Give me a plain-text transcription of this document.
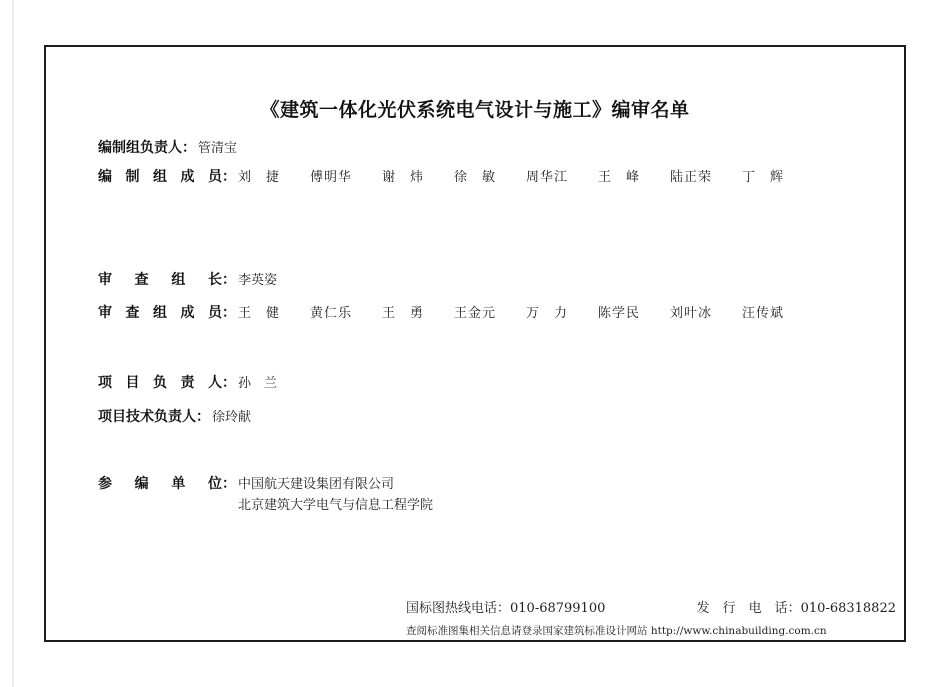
《建筑一体化光伏系统电气设计与施工》编审名单
编制组负责人： 管清宝
编 制 组 成 员： 刘　捷	傅明华	谢　炜	徐　敏	周华江	王　峰	陆正荣	丁　辉
审 查 组 长： 李英姿
审 查 组 成 员： 王　健	黄仁乐	王　勇	王金元	万　力	陈学民	刘叶冰	汪传斌
项 目 负 责 人： 孙　兰
项目技术负责人： 徐玲献
参 编 单 位： 中国航天建设集团有限公司
北京建筑大学电气与信息工程学院
国标图热线电话：010-68799100	发　行　电　话：010-68318822
查阅标准图集相关信息请登录国家建筑标准设计网站 http://www.chinabuilding.com.cn
